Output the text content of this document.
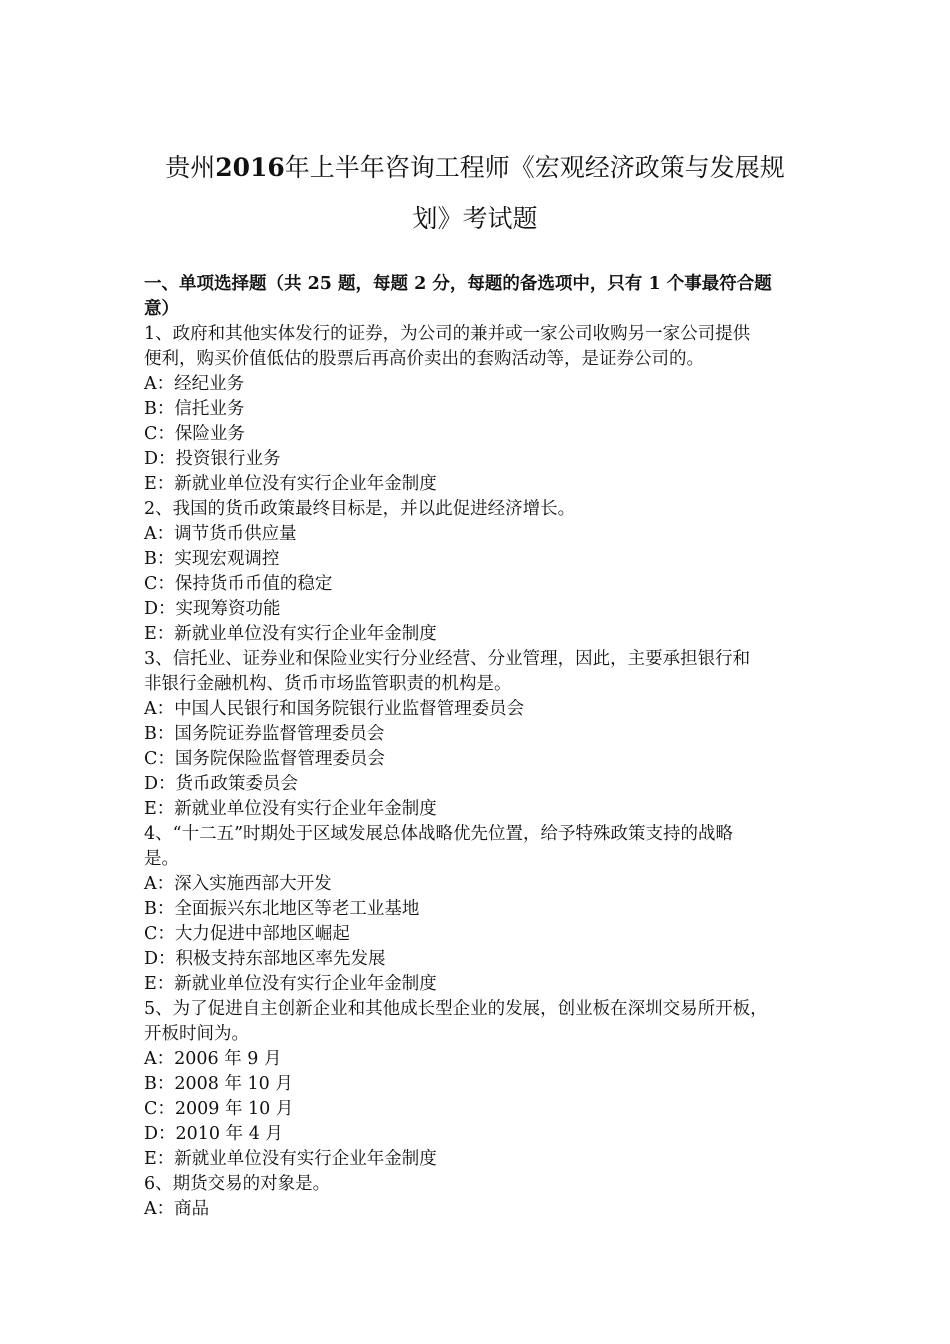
贵州2016年上半年咨询工程师《宏观经济政策与发展规
划》考试题
一、单项选择题（共 25 题，每题 2 分，每题的备选项中，只有 1 个事最符合题
意）
1、政府和其他实体发行的证券，为公司的兼并或一家公司收购另一家公司提供
便利，购买价值低估的股票后再高价卖出的套购活动等，是证券公司的。
A：经纪业务
B：信托业务
C：保险业务
D：投资银行业务
E：新就业单位没有实行企业年金制度
2、我国的货币政策最终目标是，并以此促进经济增长。
A：调节货币供应量
B：实现宏观调控
C：保持货币币值的稳定
D：实现筹资功能
E：新就业单位没有实行企业年金制度
3、信托业、证券业和保险业实行分业经营、分业管理，因此，主要承担银行和
非银行金融机构、货币市场监管职责的机构是。
A：中国人民银行和国务院银行业监督管理委员会
B：国务院证券监督管理委员会
C：国务院保险监督管理委员会
D：货币政策委员会
E：新就业单位没有实行企业年金制度
4、“十二五”时期处于区域发展总体战略优先位置，给予特殊政策支持的战略
是。
A：深入实施西部大开发
B：全面振兴东北地区等老工业基地
C：大力促进中部地区崛起
D：积极支持东部地区率先发展
E：新就业单位没有实行企业年金制度
5、为了促进自主创新企业和其他成长型企业的发展，创业板在深圳交易所开板，
开板时间为。
A：2006 年 9 月
B：2008 年 10 月
C：2009 年 10 月
D：2010 年 4 月
E：新就业单位没有实行企业年金制度
6、期货交易的对象是。
A：商品
